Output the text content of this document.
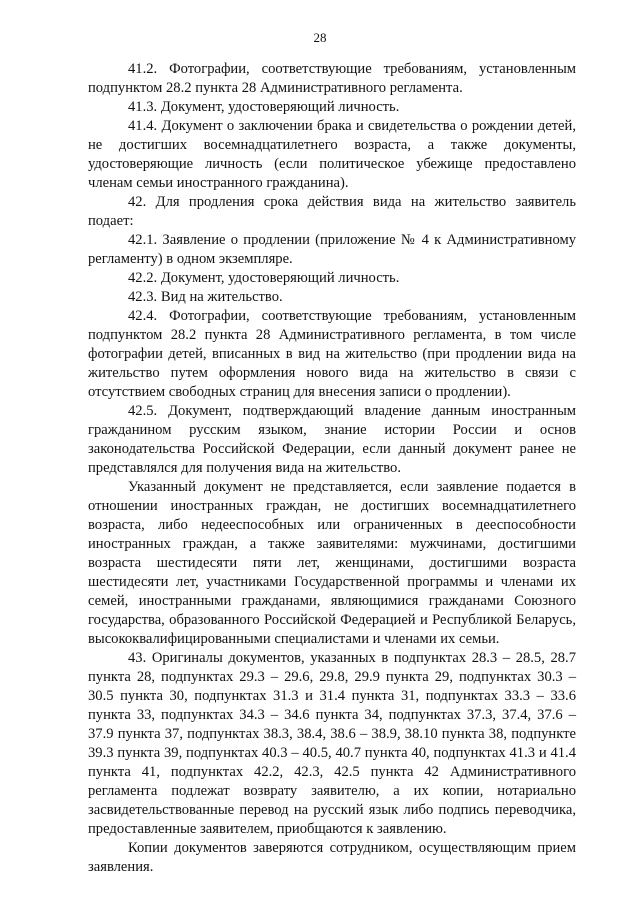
28

41.2. Фотографии, соответствующие требованиям, установленным подпунктом 28.2 пункта 28 Административного регламента.

41.3. Документ, удостоверяющий личность.

41.4. Документ о заключении брака и свидетельства о рождении детей, не достигших восемнадцатилетнего возраста, а также документы, удостоверяющие личность (если политическое убежище предоставлено членам семьи иностранного гражданина).

42. Для продления срока действия вида на жительство заявитель подает:

42.1. Заявление о продлении (приложение № 4 к Административному регламенту) в одном экземпляре.

42.2. Документ, удостоверяющий личность.

42.3. Вид на жительство.

42.4. Фотографии, соответствующие требованиям, установленным подпунктом 28.2 пункта 28 Административного регламента, в том числе фотографии детей, вписанных в вид на жительство (при продлении вида на жительство путем оформления нового вида на жительство в связи с отсутствием свободных страниц для внесения записи о продлении).

42.5. Документ, подтверждающий владение данным иностранным гражданином русским языком, знание истории России и основ законодательства Российской Федерации, если данный документ ранее не представлялся для получения вида на жительство.

Указанный документ не представляется, если заявление подается в отношении иностранных граждан, не достигших восемнадцатилетнего возраста, либо недееспособных или ограниченных в дееспособности иностранных граждан, а также заявителями: мужчинами, достигшими возраста шестидесяти пяти лет, женщинами, достигшими возраста шестидесяти лет, участниками Государственной программы и членами их семей, иностранными гражданами, являющимися гражданами Союзного государства, образованного Российской Федерацией и Республикой Беларусь, высококвалифицированными специалистами и членами их семьи.

43. Оригиналы документов, указанных в подпунктах 28.3 – 28.5, 28.7 пункта 28, подпунктах 29.3 – 29.6, 29.8, 29.9 пункта 29, подпунктах 30.3 – 30.5 пункта 30, подпунктах 31.3 и 31.4 пункта 31, подпунктах 33.3 – 33.6 пункта 33, подпунктах 34.3 – 34.6 пункта 34, подпунктах 37.3, 37.4, 37.6 – 37.9 пункта 37, подпунктах 38.3, 38.4, 38.6 – 38.9, 38.10 пункта 38, подпункте 39.3 пункта 39, подпунктах 40.3 – 40.5, 40.7 пункта 40, подпунктах 41.3 и 41.4 пункта 41, подпунктах 42.2, 42.3, 42.5 пункта 42 Административного регламента подлежат возврату заявителю, а их копии, нотариально засвидетельствованные перевод на русский язык либо подпись переводчика, предоставленные заявителем, приобщаются к заявлению.

Копии документов заверяются сотрудником, осуществляющим прием заявления.
